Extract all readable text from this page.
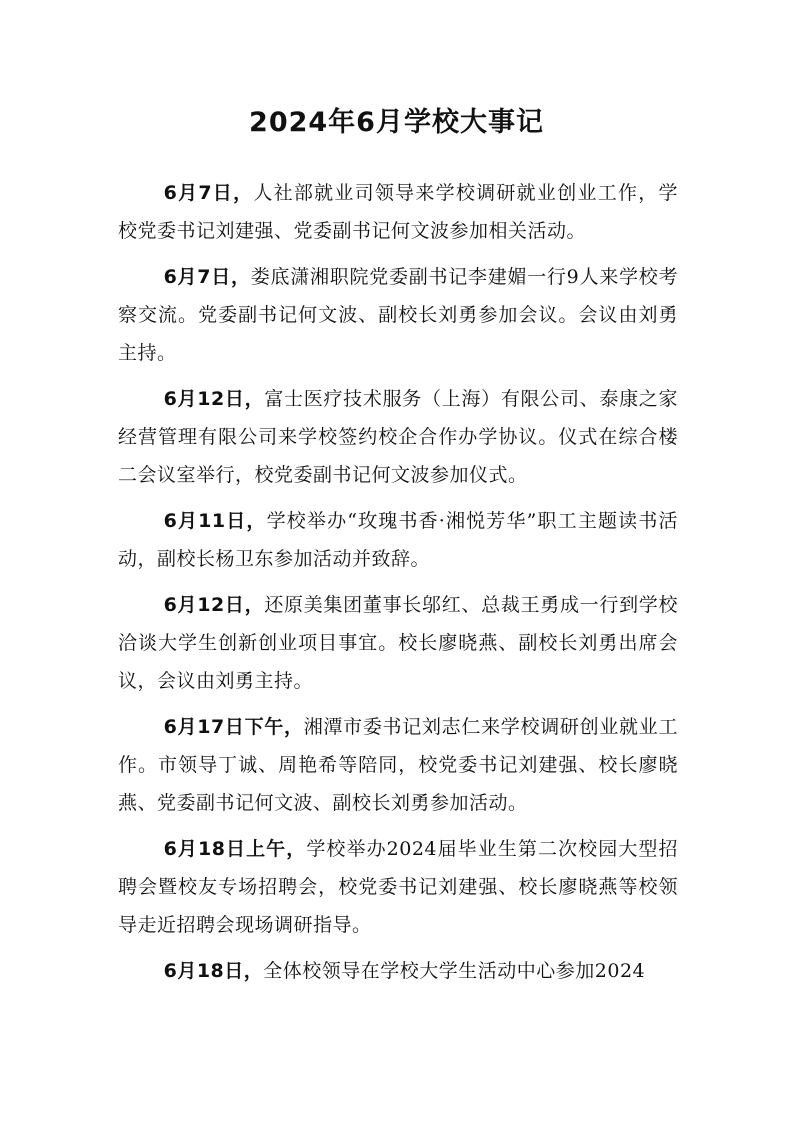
2024年6月学校大事记

6月7日，人社部就业司领导来学校调研就业创业工作，学校党委书记刘建强、党委副书记何文波参加相关活动。

6月7日，娄底潇湘职院党委副书记李建媚一行9人来学校考察交流。党委副书记何文波、副校长刘勇参加会议。会议由刘勇主持。

6月12日，富士医疗技术服务（上海）有限公司、泰康之家经营管理有限公司来学校签约校企合作办学协议。仪式在综合楼二会议室举行，校党委副书记何文波参加仪式。

6月11日，学校举办“玫瑰书香·湘悦芳华”职工主题读书活动，副校长杨卫东参加活动并致辞。

6月12日，还原美集团董事长邬红、总裁王勇成一行到学校洽谈大学生创新创业项目事宜。校长廖晓燕、副校长刘勇出席会议，会议由刘勇主持。

6月17日下午，湘潭市委书记刘志仁来学校调研创业就业工作。市领导丁诚、周艳希等陪同，校党委书记刘建强、校长廖晓燕、党委副书记何文波、副校长刘勇参加活动。

6月18日上午，学校举办2024届毕业生第二次校园大型招聘会暨校友专场招聘会，校党委书记刘建强、校长廖晓燕等校领导走近招聘会现场调研指导。

6月18日，全体校领导在学校大学生活动中心参加2024
